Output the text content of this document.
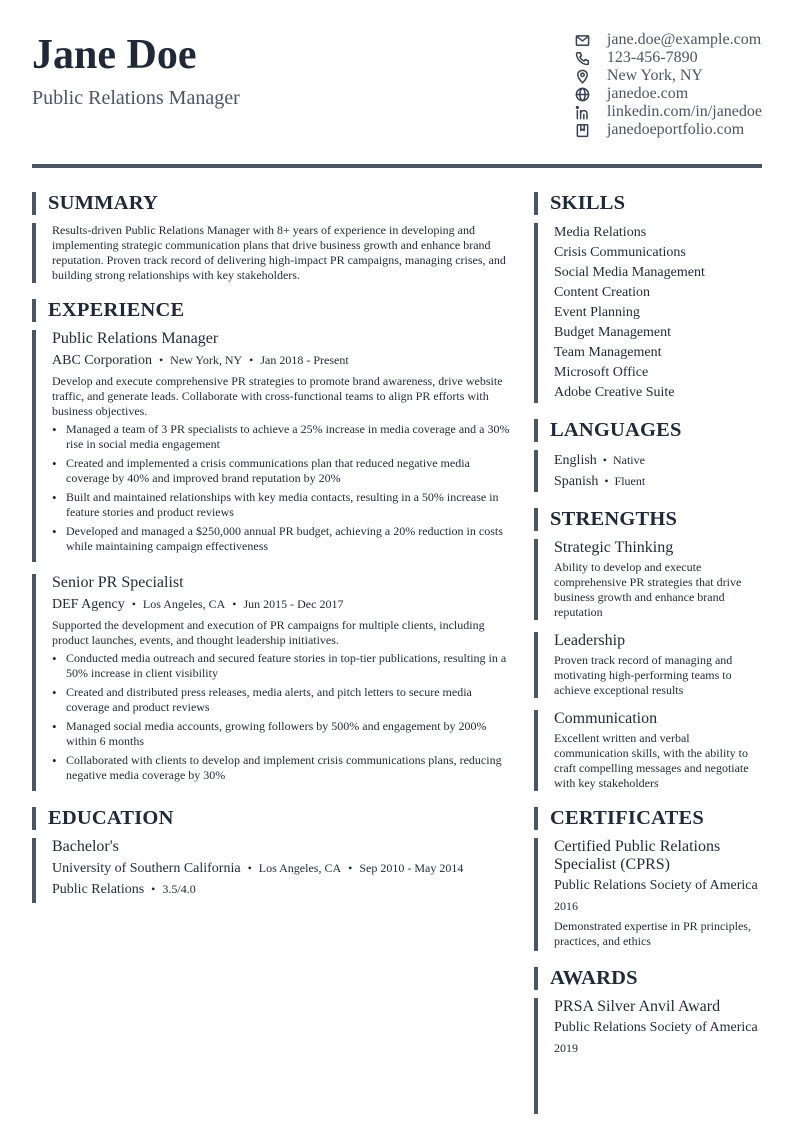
Jane Doe
Public Relations Manager
jane.doe@example.com
123-456-7890
New York, NY
janedoe.com
linkedin.com/in/janedoe
janedoeportfolio.com
SUMMARY
Results-driven Public Relations Manager with 8+ years of experience in developing and implementing strategic communication plans that drive business growth and enhance brand reputation. Proven track record of delivering high-impact PR campaigns, managing crises, and building strong relationships with key stakeholders.
EXPERIENCE
Public Relations Manager
ABC Corporation • New York, NY • Jan 2018 - Present
Develop and execute comprehensive PR strategies to promote brand awareness, drive website traffic, and generate leads. Collaborate with cross-functional teams to align PR efforts with business objectives.
• Managed a team of 3 PR specialists to achieve a 25% increase in media coverage and a 30% rise in social media engagement
• Created and implemented a crisis communications plan that reduced negative media coverage by 40% and improved brand reputation by 20%
• Built and maintained relationships with key media contacts, resulting in a 50% increase in feature stories and product reviews
• Developed and managed a $250,000 annual PR budget, achieving a 20% reduction in costs while maintaining campaign effectiveness
Senior PR Specialist
DEF Agency • Los Angeles, CA • Jun 2015 - Dec 2017
Supported the development and execution of PR campaigns for multiple clients, including product launches, events, and thought leadership initiatives.
• Conducted media outreach and secured feature stories in top-tier publications, resulting in a 50% increase in client visibility
• Created and distributed press releases, media alerts, and pitch letters to secure media coverage and product reviews
• Managed social media accounts, growing followers by 500% and engagement by 200% within 6 months
• Collaborated with clients to develop and implement crisis communications plans, reducing negative media coverage by 30%
EDUCATION
Bachelor's
University of Southern California • Los Angeles, CA • Sep 2010 - May 2014
Public Relations • 3.5/4.0
SKILLS
Media Relations
Crisis Communications
Social Media Management
Content Creation
Event Planning
Budget Management
Team Management
Microsoft Office
Adobe Creative Suite
LANGUAGES
English • Native
Spanish • Fluent
STRENGTHS
Strategic Thinking
Ability to develop and execute comprehensive PR strategies that drive business growth and enhance brand reputation
Leadership
Proven track record of managing and motivating high-performing teams to achieve exceptional results
Communication
Excellent written and verbal communication skills, with the ability to craft compelling messages and negotiate with key stakeholders
CERTIFICATES
Certified Public Relations Specialist (CPRS)
Public Relations Society of America
2016
Demonstrated expertise in PR principles, practices, and ethics
AWARDS
PRSA Silver Anvil Award
Public Relations Society of America
2019
